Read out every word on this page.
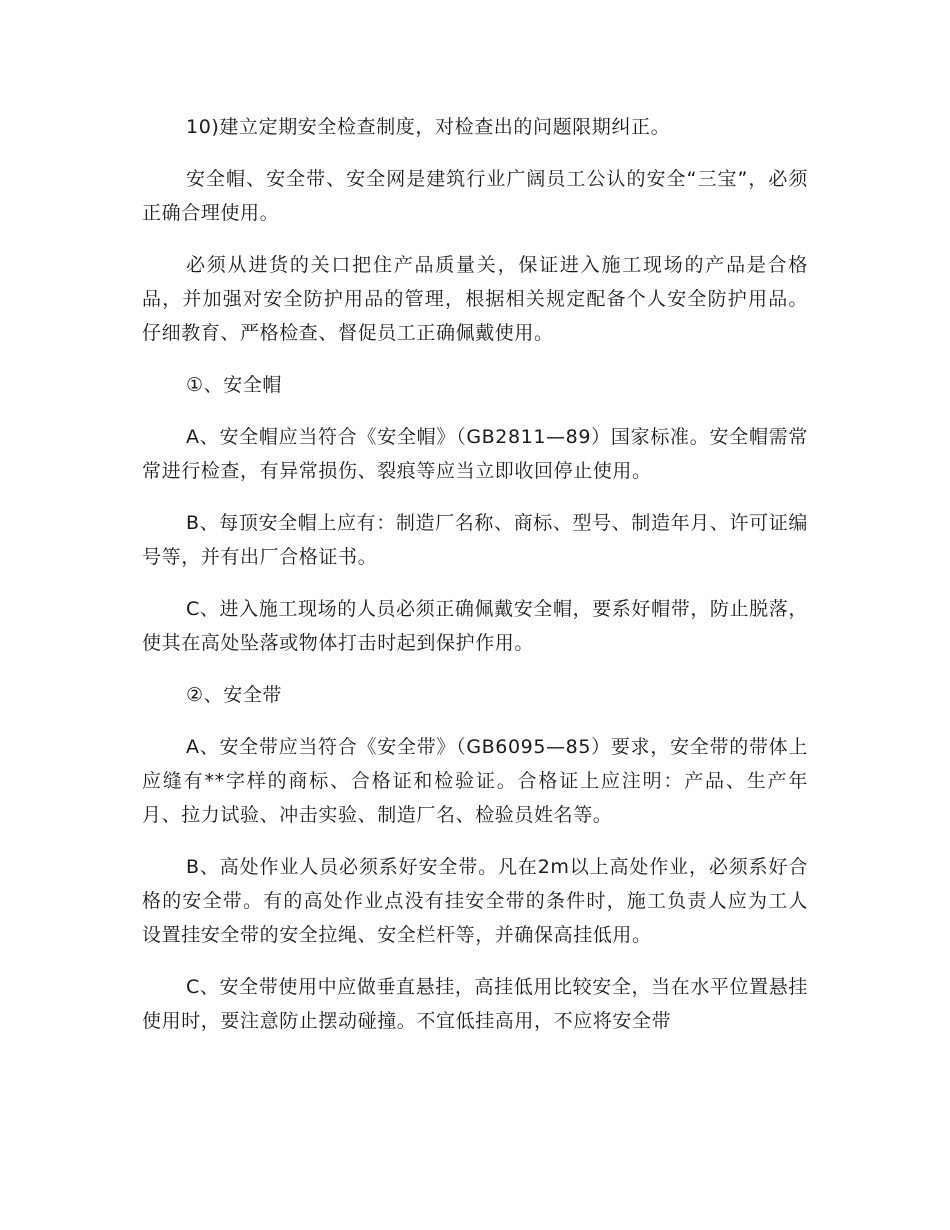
10)建立定期安全检查制度，对检查出的问题限期纠正。

安全帽、安全带、安全网是建筑行业广阔员工公认的安全“三宝”，必须正确合理使用。

必须从进货的关口把住产品质量关，保证进入施工现场的产品是合格品，并加强对安全防护用品的管理，根据相关规定配备个人安全防护用品。仔细教育、严格检查、督促员工正确佩戴使用。

①、安全帽

A、安全帽应当符合《安全帽》（GB2811—89）国家标准。安全帽需常常进行检查，有异常损伤、裂痕等应当立即收回停止使用。

B、每顶安全帽上应有：制造厂名称、商标、型号、制造年月、许可证编号等，并有出厂合格证书。

C、进入施工现场的人员必须正确佩戴安全帽，要系好帽带，防止脱落，使其在高处坠落或物体打击时起到保护作用。

②、安全带

A、安全带应当符合《安全带》（GB6095—85）要求，安全带的带体上应缝有**字样的商标、合格证和检验证。合格证上应注明：产品、生产年月、拉力试验、冲击实验、制造厂名、检验员姓名等。

B、高处作业人员必须系好安全带。凡在2m以上高处作业，必须系好合格的安全带。有的高处作业点没有挂安全带的条件时，施工负责人应为工人设置挂安全带的安全拉绳、安全栏杆等，并确保高挂低用。

C、安全带使用中应做垂直悬挂，高挂低用比较安全，当在水平位置悬挂使用时，要注意防止摆动碰撞。不宜低挂高用，不应将安全带
